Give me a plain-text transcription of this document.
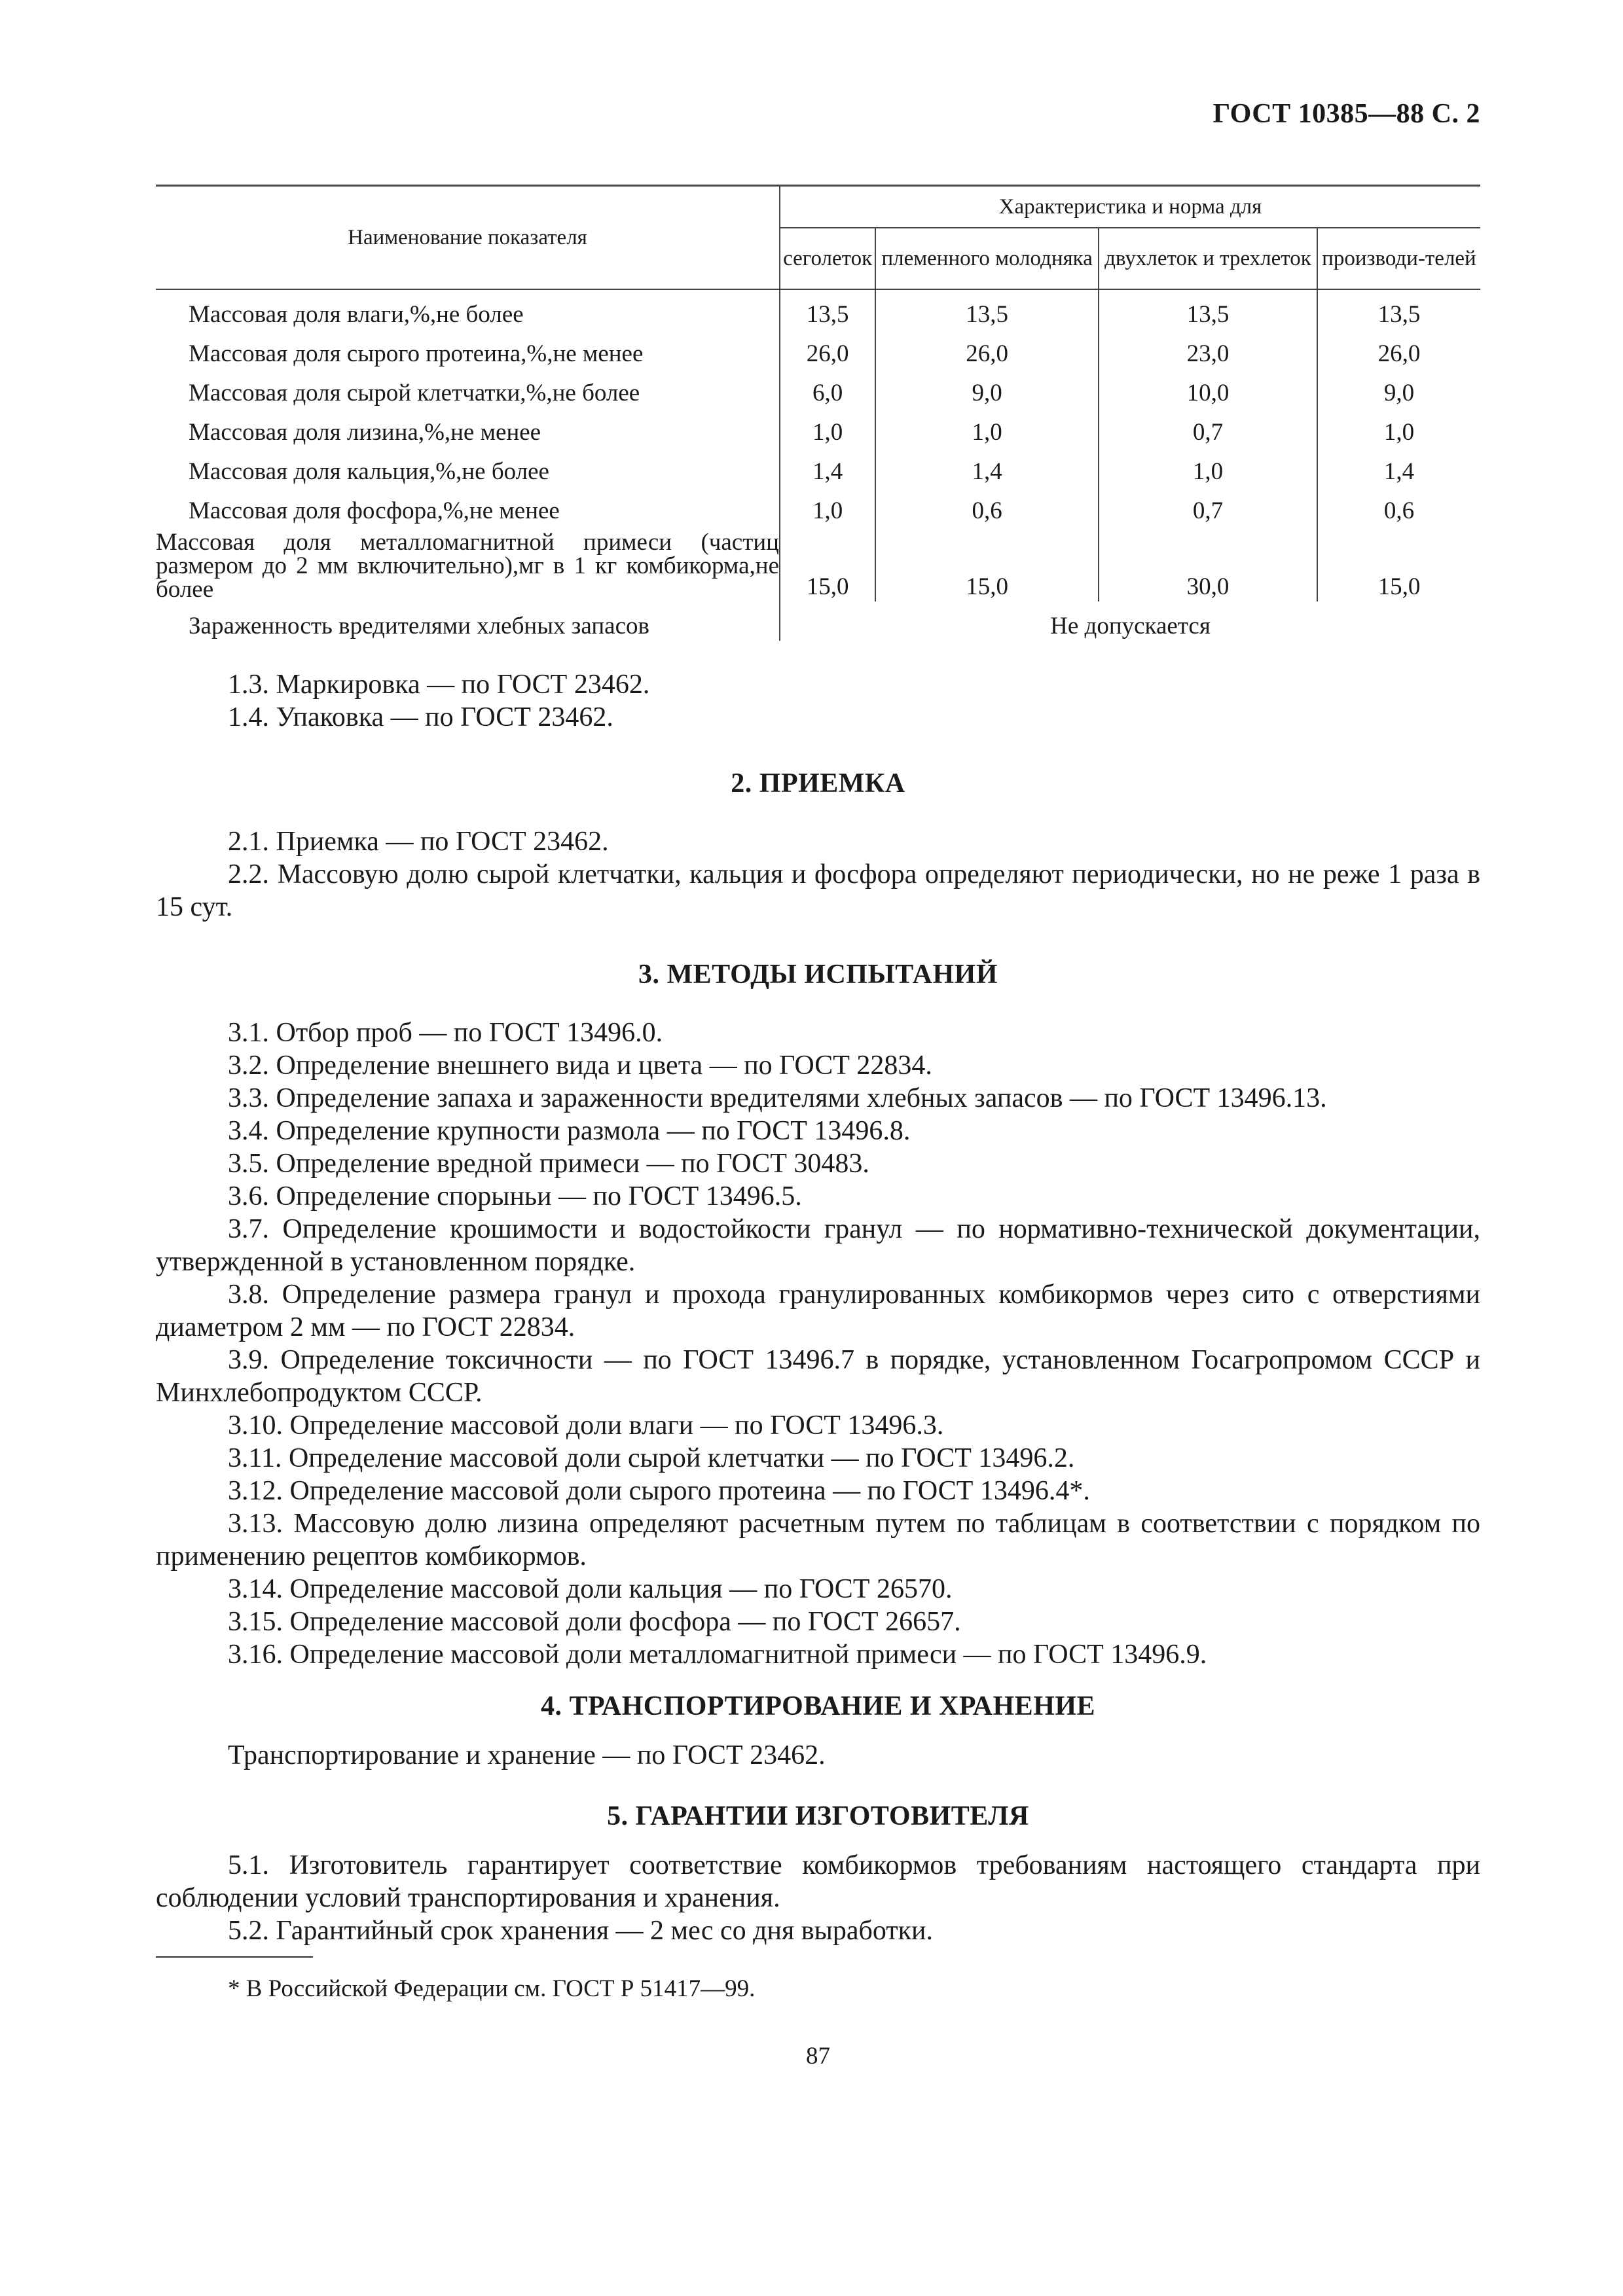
ГОСТ 10385—88 С. 2
Наименование показателя	Характеристика и норма для			
	сеголеток	племенного молодняка	двухлеток и трехлеток	производи-телей
Массовая доля влаги,%,не более	13,5	13,5	13,5	13,5
Массовая доля сырого протеина,%,не менее	26,0	26,0	23,0	26,0
Массовая доля сырой клетчатки,%,не более	6,0	9,0	10,0	9,0
Массовая доля лизина,%,не менее	1,0	1,0	0,7	1,0
Массовая доля кальция,%,не более	1,4	1,4	1,0	1,4
Массовая доля фосфора,%,не менее	1,0	0,6	0,7	0,6
Массовая доля металломагнитной примеси (частиц размером до 2 мм включительно),мг в 1 кг комбикорма,не более	15,0	15,0	30,0	15,0
Зараженность вредителями хлебных запасов	Не допускается			
1.3. Маркировка — по ГОСТ 23462.
1.4. Упаковка — по ГОСТ 23462.
2. ПРИЕМКА
2.1. Приемка — по ГОСТ 23462.
2.2. Массовую долю сырой клетчатки, кальция и фосфора определяют периодически, но не реже 1 раза в 15 сут.
3. МЕТОДЫ ИСПЫТАНИЙ
3.1. Отбор проб — по ГОСТ 13496.0.
3.2. Определение внешнего вида и цвета — по ГОСТ 22834.
3.3. Определение запаха и зараженности вредителями хлебных запасов — по ГОСТ 13496.13.
3.4. Определение крупности размола — по ГОСТ 13496.8.
3.5. Определение вредной примеси — по ГОСТ 30483.
3.6. Определение спорыньи — по ГОСТ 13496.5.
3.7. Определение крошимости и водостойкости гранул — по нормативно-технической документации, утвержденной в установленном порядке.
3.8. Определение размера гранул и прохода гранулированных комбикормов через сито с отверстиями диаметром 2 мм — по ГОСТ 22834.
3.9. Определение токсичности — по ГОСТ 13496.7 в порядке, установленном Госагропромом СССР и Минхлебопродуктом СССР.
3.10. Определение массовой доли влаги — по ГОСТ 13496.3.
3.11. Определение массовой доли сырой клетчатки — по ГОСТ 13496.2.
3.12. Определение массовой доли сырого протеина — по ГОСТ 13496.4*.
3.13. Массовую долю лизина определяют расчетным путем по таблицам в соответствии с порядком по применению рецептов комбикормов.
3.14. Определение массовой доли кальция — по ГОСТ 26570.
3.15. Определение массовой доли фосфора — по ГОСТ 26657.
3.16. Определение массовой доли металломагнитной примеси — по ГОСТ 13496.9.
4. ТРАНСПОРТИРОВАНИЕ И ХРАНЕНИЕ
Транспортирование и хранение — по ГОСТ 23462.
5. ГАРАНТИИ ИЗГОТОВИТЕЛЯ
5.1. Изготовитель гарантирует соответствие комбикормов требованиям настоящего стандарта при соблюдении условий транспортирования и хранения.
5.2. Гарантийный срок хранения — 2 мес со дня выработки.
* В Российской Федерации см. ГОСТ Р 51417—99.
87
